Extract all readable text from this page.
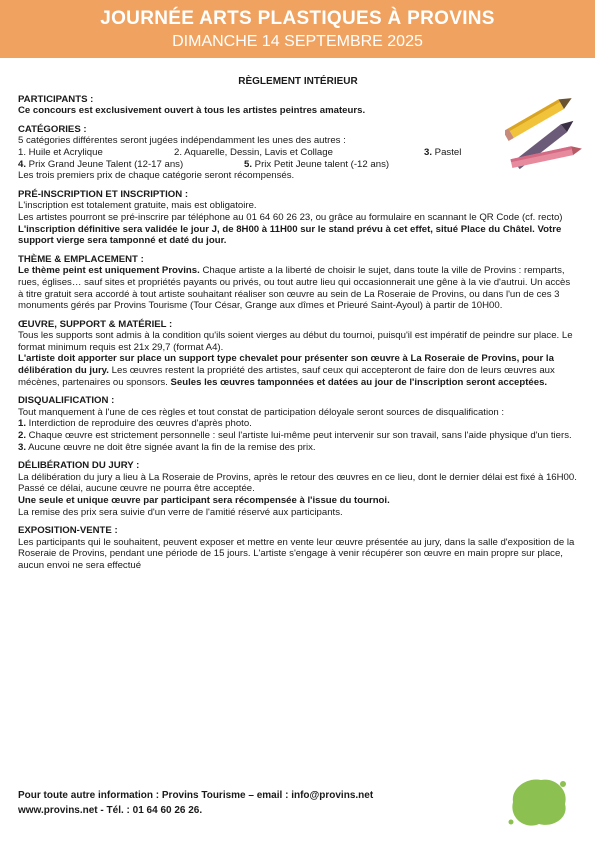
JOURNÉE ARTS PLASTIQUES À PROVINS
DIMANCHE 14 SEPTEMBRE 2025
RÈGLEMENT INTÉRIEUR
PARTICIPANTS :
Ce concours est exclusivement ouvert à tous les artistes peintres amateurs.
CATÉGORIES :
5 catégories différentes seront jugées indépendamment les unes des autres :
1. Huile et Acrylique	2. Aquarelle, Dessin, Lavis et Collage	3. Pastel
4. Prix Grand Jeune Talent (12-17 ans)	5. Prix Petit Jeune talent (-12 ans)
Les trois premiers prix de chaque catégorie seront récompensés.
PRÉ-INSCRIPTION ET INSCRIPTION :
L'inscription est totalement gratuite, mais est obligatoire.
Les artistes pourront se pré-inscrire par téléphone au 01 64 60 26 23, ou grâce au formulaire en scannant le QR Code (cf. recto)
L'inscription définitive sera validée le jour J, de 8H00 à 11H00 sur le stand prévu à cet effet, situé Place du Châtel. Votre support vierge sera tamponné et daté du jour.
THÈME & EMPLACEMENT :
Le thème peint est uniquement Provins. Chaque artiste a la liberté de choisir le sujet, dans toute la ville de Provins : remparts, rues, églises… sauf sites et propriétés payants ou privés, ou tout autre lieu qui occasionnerait une gêne à la vie d'autrui. Un accès à titre gratuit sera accordé à tout artiste souhaitant réaliser son œuvre au sein de La Roseraie de Provins, ou dans l'un de ces 3 monuments gérés par Provins Tourisme (Tour César, Grange aux dîmes et Prieuré Saint-Ayoul) à partir de 10H00.
ŒUVRE, SUPPORT & MATÉRIEL :
Tous les supports sont admis à la condition qu'ils soient vierges au début du tournoi, puisqu'il est impératif de peindre sur place. Le format minimum requis est 21x 29,7 (format A4).
L'artiste doit apporter sur place un support type chevalet pour présenter son œuvre à La Roseraie de Provins, pour la délibération du jury. Les œuvres restent la propriété des artistes, sauf ceux qui accepteront de faire don de leurs œuvres aux mécènes, partenaires ou sponsors. Seules les œuvres tamponnées et datées au jour de l'inscription seront acceptées.
DISQUALIFICATION :
Tout manquement à l'une de ces règles et tout constat de participation déloyale seront sources de disqualification :
1. Interdiction de reproduire des œuvres d'après photo.
2. Chaque œuvre est strictement personnelle : seul l'artiste lui-même peut intervenir sur son travail, sans l'aide physique d'un tiers.
3. Aucune œuvre ne doit être signée avant la fin de la remise des prix.
DÉLIBÉRATION DU JURY :
La délibération du jury a lieu à La Roseraie de Provins, après le retour des œuvres en ce lieu, dont le dernier délai est fixé à 16H00. Passé ce délai, aucune œuvre ne pourra être acceptée.
Une seule et unique œuvre par participant sera récompensée à l'issue du tournoi.
La remise des prix sera suivie d'un verre de l'amitié réservé aux participants.
EXPOSITION-VENTE :
Les participants qui le souhaitent, peuvent exposer et mettre en vente leur œuvre présentée au jury, dans la salle d'exposition de la Roseraie de Provins, pendant une période de 15 jours. L'artiste s'engage à venir récupérer son œuvre en main propre sur place, aucun envoi ne sera effectué
Pour toute autre information : Provins Tourisme – email : info@provins.net
www.provins.net - Tél. : 01 64 60 26 26.
